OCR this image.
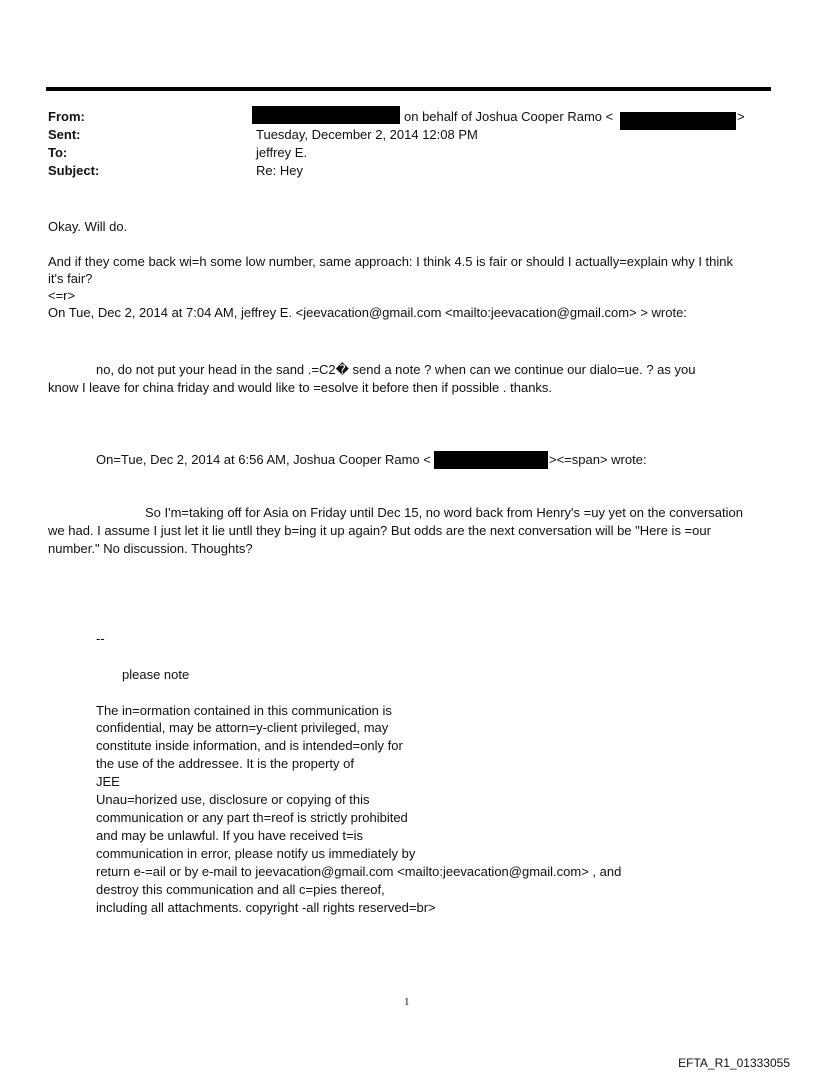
From:	on behalf of Joshua Cooper Ramo <	>
Sent:	Tuesday, December 2, 2014 12:08 PM
To:	jeffrey E.
Subject:	Re: Hey
Okay. Will do.
And if they come back wi=h some low number, same approach: I think 4.5 is fair or should I actually=explain why I think
it's fair?
<=r>
On Tue, Dec 2, 2014 at 7:04 AM, jeffrey E. <jeevacation@gmail.com <mailto:jeevacation@gmail.com> > wrote:
no, do not put your head in the sand .=C2� send a note ? when can we continue our dialo=ue. ? as you
know I leave for china friday and would like to =esolve it before then if possible . thanks.
On=Tue, Dec 2, 2014 at 6:56 AM, Joshua Cooper Ramo <	><=span> wrote:
So I'm=taking off for Asia on Friday until Dec 15, no word back from Henry's =uy yet on the conversation
we had. I assume I just let it lie untll they b=ing it up again? But odds are the next conversation will be "Here is =our
number." No discussion. Thoughts?
--
please note
The in=ormation contained in this communication is
confidential, may be attorn=y-client privileged, may
constitute inside information, and is intended=only for
the use of the addressee. It is the property of
JEE
Unau=horized use, disclosure or copying of this
communication or any part th=reof is strictly prohibited
and may be unlawful. If you have received t=is
communication in error, please notify us immediately by
return e-=ail or by e-mail to jeevacation@gmail.com <mailto:jeevacation@gmail.com> , and
destroy this communication and all c=pies thereof,
including all attachments. copyright -all rights reserved=br>
1
EFTA_R1_01333055
